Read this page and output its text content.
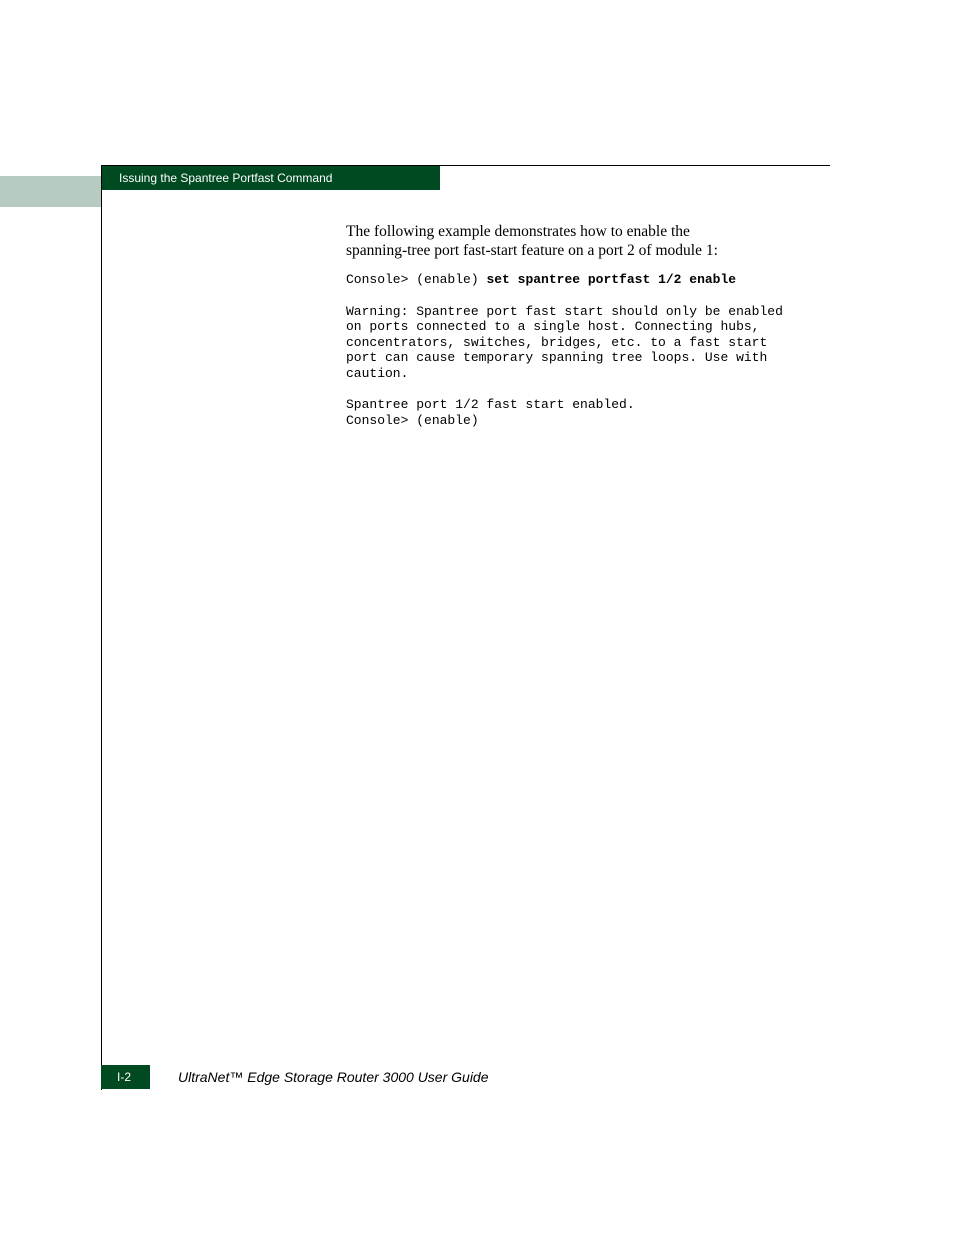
Issuing the Spantree Portfast Command

The following example demonstrates how to enable the
spanning-tree port fast-start feature on a port 2 of module 1:

Console> (enable) set spantree portfast 1/2 enable
Warning: Spantree port fast start should only be enabled
on ports connected to a single host. Connecting hubs,
concentrators, switches, bridges, etc. to a fast start
port can cause temporary spanning tree loops. Use with
caution.
Spantree port 1/2 fast start enabled.
Console> (enable)
I-2	UltraNet™ Edge Storage Router 3000 User Guide
